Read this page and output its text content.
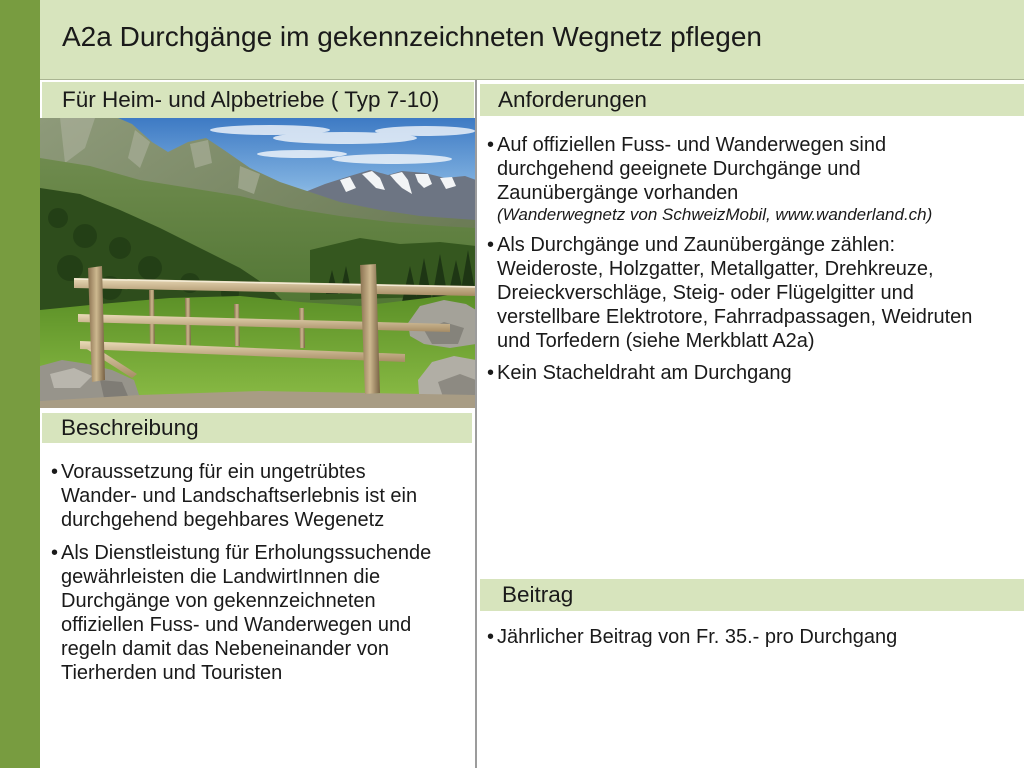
A2a Durchgänge im gekennzeichneten Wegnetz pflegen
Für Heim- und Alpbetriebe ( Typ 7-10)
Beschreibung
• Voraussetzung für ein ungetrübtes
Wander- und Landschaftserlebnis ist ein
durchgehend begehbares Wegenetz
• Als Dienstleistung für Erholungssuchende
gewährleisten die LandwirtInnen die
Durchgänge von gekennzeichneten
offiziellen Fuss- und Wanderwegen und
regeln damit das Nebeneinander von
Tierherden und Touristen
Anforderungen
• Auf offiziellen Fuss- und Wanderwegen sind
durchgehend geeignete Durchgänge und
Zaunübergänge vorhanden
(Wanderwegnetz von SchweizMobil, www.wanderland.ch)
• Als Durchgänge und Zaunübergänge zählen:
Weideroste, Holzgatter, Metallgatter, Drehkreuze,
Dreieckverschläge, Steig- oder Flügelgitter und
verstellbare Elektrotore, Fahrradpassagen, Weidruten
und Torfedern (siehe Merkblatt A2a)
• Kein Stacheldraht am Durchgang
Beitrag
• Jährlicher Beitrag von Fr. 35.- pro Durchgang
